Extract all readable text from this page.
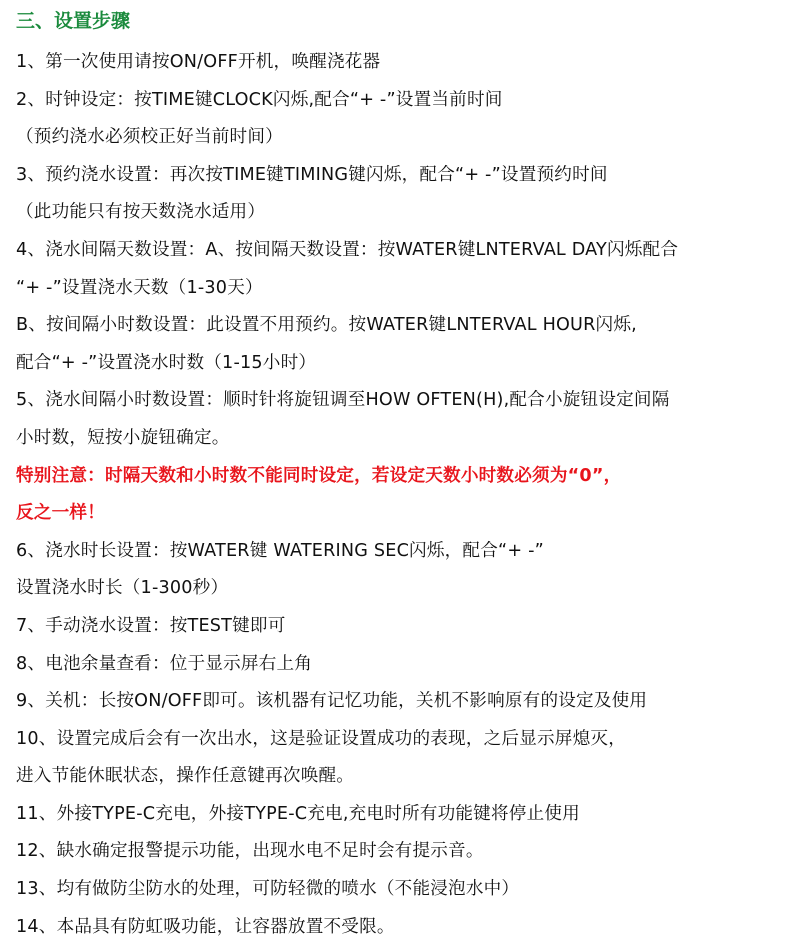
三、设置步骤
1、第一次使用请按ON/OFF开机，唤醒浇花器
2、时钟设定：按TIME键CLOCK闪烁,配合“+ -”设置当前时间
（预约浇水必须校正好当前时间）
3、预约浇水设置：再次按TIME键TIMING键闪烁，配合“+ -”设置预约时间
（此功能只有按天数浇水适用）
4、浇水间隔天数设置：A、按间隔天数设置：按WATER键LNTERVAL DAY闪烁配合
“+ -”设置浇水天数（1-30天）
B、按间隔小时数设置：此设置不用预约。按WATER键LNTERVAL HOUR闪烁,
配合“+ -”设置浇水时数（1-15小时）
5、浇水间隔小时数设置：顺时针将旋钮调至HOW OFTEN(H),配合小旋钮设定间隔
小时数，短按小旋钮确定。
特别注意：时隔天数和小时数不能同时设定，若设定天数小时数必须为“0”，
反之一样！
6、浇水时长设置：按WATER键 WATERING SEC闪烁，配合“+ -”
设置浇水时长（1-300秒）
7、手动浇水设置：按TEST键即可
8、电池余量查看：位于显示屏右上角
9、关机：长按ON/OFF即可。该机器有记忆功能，关机不影响原有的设定及使用
10、设置完成后会有一次出水，这是验证设置成功的表现，之后显示屏熄灭，
进入节能休眠状态，操作任意键再次唤醒。
11、外接TYPE-C充电，外接TYPE-C充电,充电时所有功能键将停止使用
12、缺水确定报警提示功能，出现水电不足时会有提示音。
13、均有做防尘防水的处理，可防轻微的喷水（不能浸泡水中）
14、本品具有防虹吸功能，让容器放置不受限。
